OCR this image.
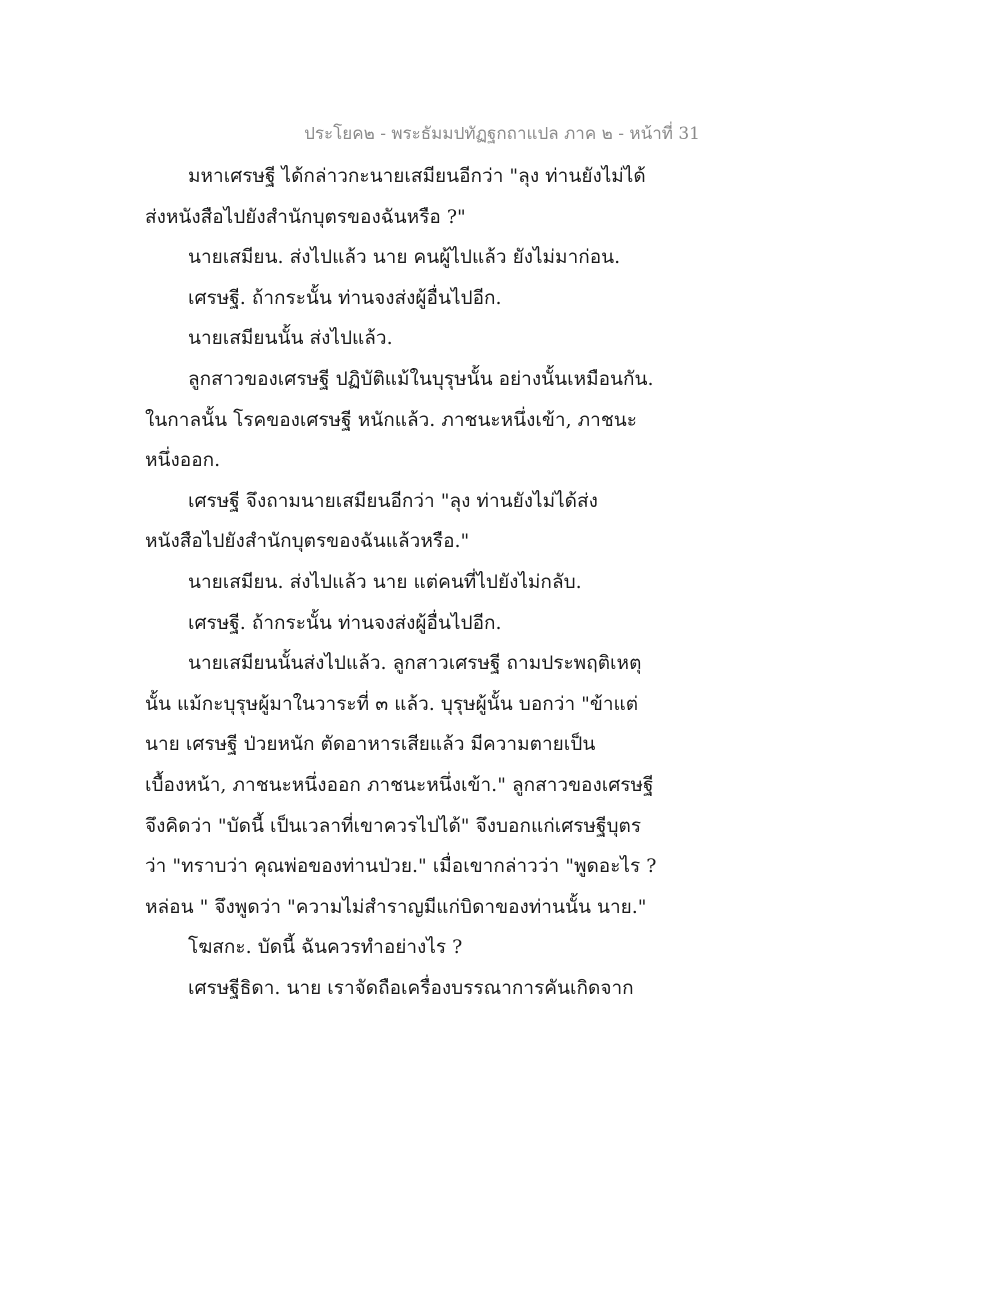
ประโยค๒ - พระธัมมปทัฏฐกถาแปล ภาค ๒ - หน้าที่ 31
มหาเศรษฐี ได้กล่าวกะนายเสมียนอีกว่า "ลุง ท่านยังไม่ได้
ส่งหนังสือไปยังสำนักบุตรของฉันหรือ ?"
นายเสมียน. ส่งไปแล้ว นาย คนผู้ไปแล้ว ยังไม่มาก่อน.
เศรษฐี. ถ้ากระนั้น ท่านจงส่งผู้อื่นไปอีก.
นายเสมียนนั้น ส่งไปแล้ว.
ลูกสาวของเศรษฐี ปฏิบัติแม้ในบุรุษนั้น อย่างนั้นเหมือนกัน.
ในกาลนั้น โรคของเศรษฐี หนักแล้ว. ภาชนะหนึ่งเข้า, ภาชนะ
หนึ่งออก.
เศรษฐี จึงถามนายเสมียนอีกว่า "ลุง ท่านยังไม่ได้ส่ง
หนังสือไปยังสำนักบุตรของฉันแล้วหรือ."
นายเสมียน. ส่งไปแล้ว นาย แต่คนที่ไปยังไม่กลับ.
เศรษฐี. ถ้ากระนั้น ท่านจงส่งผู้อื่นไปอีก.
นายเสมียนนั้นส่งไปแล้ว. ลูกสาวเศรษฐี ถามประพฤติเหตุ
นั้น แม้กะบุรุษผู้มาในวาระที่ ๓ แล้ว. บุรุษผู้นั้น บอกว่า "ข้าแต่
นาย เศรษฐี ป่วยหนัก ตัดอาหารเสียแล้ว มีความตายเป็น
เบื้องหน้า, ภาชนะหนึ่งออก ภาชนะหนึ่งเข้า." ลูกสาวของเศรษฐี
จึงคิดว่า "บัดนี้ เป็นเวลาที่เขาควรไปได้" จึงบอกแก่เศรษฐีบุตร
ว่า "ทราบว่า คุณพ่อของท่านป่วย." เมื่อเขากล่าวว่า "พูดอะไร ?
หล่อน " จึงพูดว่า "ความไม่สำราญมีแก่บิดาของท่านนั้น นาย."
โฆสกะ. บัดนี้ ฉันควรทำอย่างไร ?
เศรษฐีธิดา. นาย เราจัดถือเครื่องบรรณาการคันเกิดจาก
